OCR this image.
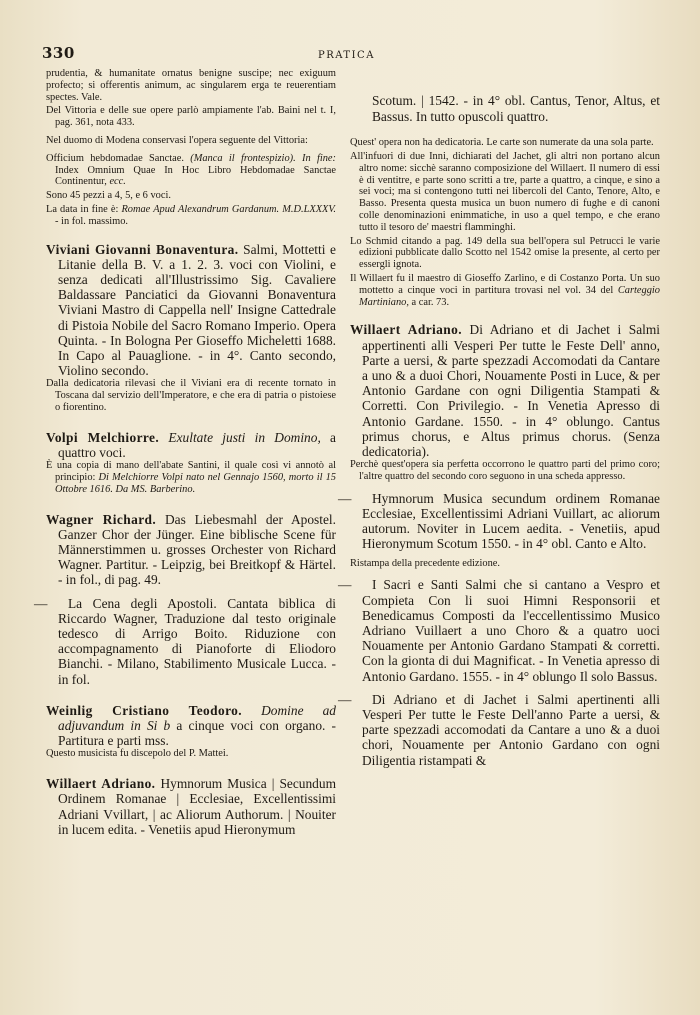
330	PRATICA

prudentia, & humanitate ornatus benigne suscipe; nec exiguum profecto; si offerentis animum, ac singularem erga te reuerentiam spectes. Vale.

Del Vittoria e delle sue opere parlò ampiamente l'ab. Baini nel t. I, pag. 361, nota 433.

Nel duomo di Modena conservasi l'opera seguente del Vittoria:

Officium hebdomadae Sanctae. (Manca il frontespizio). In fine: Index Omnium Quae In Hoc Libro Hebdomadae Sanctae Continentur, ecc.

Sono 45 pezzi a 4, 5, e 6 voci.

La data in fine è: Romae Apud Alexandrum Gardanum. M.D.LXXXV. - in fol. massimo.

Viviani Giovanni Bonaventura. Salmi, Mottetti e Litanie della B. V. a 1. 2. 3. voci con Violini, e senza dedicati all'Illustrissimo Sig. Cavaliere Baldassare Panciatici da Giovanni Bonaventura Viviani Mastro di Cappella nell' Insigne Cattedrale di Pistoia Nobile del Sacro Romano Imperio. Opera Quinta. - In Bologna Per Gioseffo Micheletti 1688. In Capo al Pauaglione. - in 4°. Canto secondo, Violino secondo.

Dalla dedicatoria rilevasi che il Viviani era di recente tornato in Toscana dal servizio dell'Imperatore, e che era di patria o pistoiese o fiorentino.

Volpi Melchiorre. Exultate justi in Domino, a quattro voci.

È una copia di mano dell'abate Santini, il quale così vi annotò al principio: Di Melchiorre Volpi nato nel Gennajo 1560, morto il 15 Ottobre 1616. Da MS. Barberino.

Wagner Richard. Das Liebesmahl der Apostel. Ganzer Chor der Jünger. Eine biblische Scene für Männerstimmen u. grosses Orchester von Richard Wagner. Partitur. - Leipzig, bei Breitkopf & Härtel. - in fol., di pag. 49.

— La Cena degli Apostoli. Cantata biblica di Riccardo Wagner, Traduzione dal testo originale tedesco di Arrigo Boito. Riduzione con accompagnamento di Pianoforte di Eliodoro Bianchi. - Milano, Stabilimento Musicale Lucca. - in fol.

Weinlig Cristiano Teodoro. Domine ad adjuvandum in Si b a cinque voci con organo. - Partitura e parti mss.

Questo musicista fu discepolo del P. Mattei.

Willaert Adriano. Hymnorum Musica | Secundum Ordinem Romanae | Ecclesiae, Excellentissimi Adriani Vvillart, | ac Aliorum Authorum. | Nouiter in lucem edita. - Venetiis apud Hieronymum

Scotum. | 1542. - in 4° obl. Cantus, Tenor, Altus, et Bassus. In tutto opuscoli quattro.

Quest' opera non ha dedicatoria. Le carte son numerate da una sola parte.

All'infuori di due Inni, dichiarati del Jachet, gli altri non portano alcun altro nome: sicchè saranno composizione del Willaert. Il numero di essi è di ventitre, e parte sono scritti a tre, parte a quattro, a cinque, e sino a sei voci; ma si contengono tutti nei libercoli del Canto, Tenore, Alto, e Basso. Presenta questa musica un buon numero di fughe e di canoni colle denominazioni enimmatiche, in uso a quel tempo, e che erano tutto il tesoro de' maestri flamminghi.

Lo Schmid citando a pag. 149 della sua bell'opera sul Petrucci le varie edizioni pubblicate dallo Scotto nel 1542 omise la presente, al certo per essergli ignota.

Il Willaert fu il maestro di Gioseffo Zarlino, e di Costanzo Porta. Un suo mottetto a cinque voci in partitura trovasi nel vol. 34 del Carteggio Martiniano, a car. 73.

Willaert Adriano. Di Adriano et di Jachet i Salmi appertinenti alli Vesperi Per tutte le Feste Dell' anno, Parte a uersi, & parte spezzadi Accomodati da Cantare a uno & a duoi Chori, Nouamente Posti in Luce, & per Antonio Gardane con ogni Diligentia Stampati & Corretti. Con Privilegio. - In Venetia Apresso di Antonio Gardane. 1550. - in 4° oblungo. Cantus primus chorus, e Altus primus chorus. (Senza dedicatoria).

Perchè quest'opera sia perfetta occorrono le quattro parti del primo coro; l'altre quattro del secondo coro seguono in una scheda appresso.

— Hymnorum Musica secundum ordinem Romanae Ecclesiae, Excellentissimi Adriani Vuillart, ac aliorum autorum. Noviter in Lucem aedita. - Venetiis, apud Hieronymum Scotum 1550. - in 4° obl. Canto e Alto.

Ristampa della precedente edizione.

— I Sacri e Santi Salmi che si cantano a Vespro et Compieta Con li suoi Himni Responsorii et Benedicamus Composti da l'eccellentissimo Musico Adriano Vuillaert a uno Choro & a quatro uoci Nouamente per Antonio Gardano Stampati & corretti. Con la gionta di dui Magnificat. - In Venetia apresso di Antonio Gardano. 1555. - in 4° oblungo Il solo Bassus.

— Di Adriano et di Jachet i Salmi apertinenti alli Vesperi Per tutte le Feste Dell'anno Parte a uersi, & parte spezzadi accomodati da Cantare a uno & a duoi chori, Nouamente per Antonio Gardano con ogni Diligentia ristampati &
